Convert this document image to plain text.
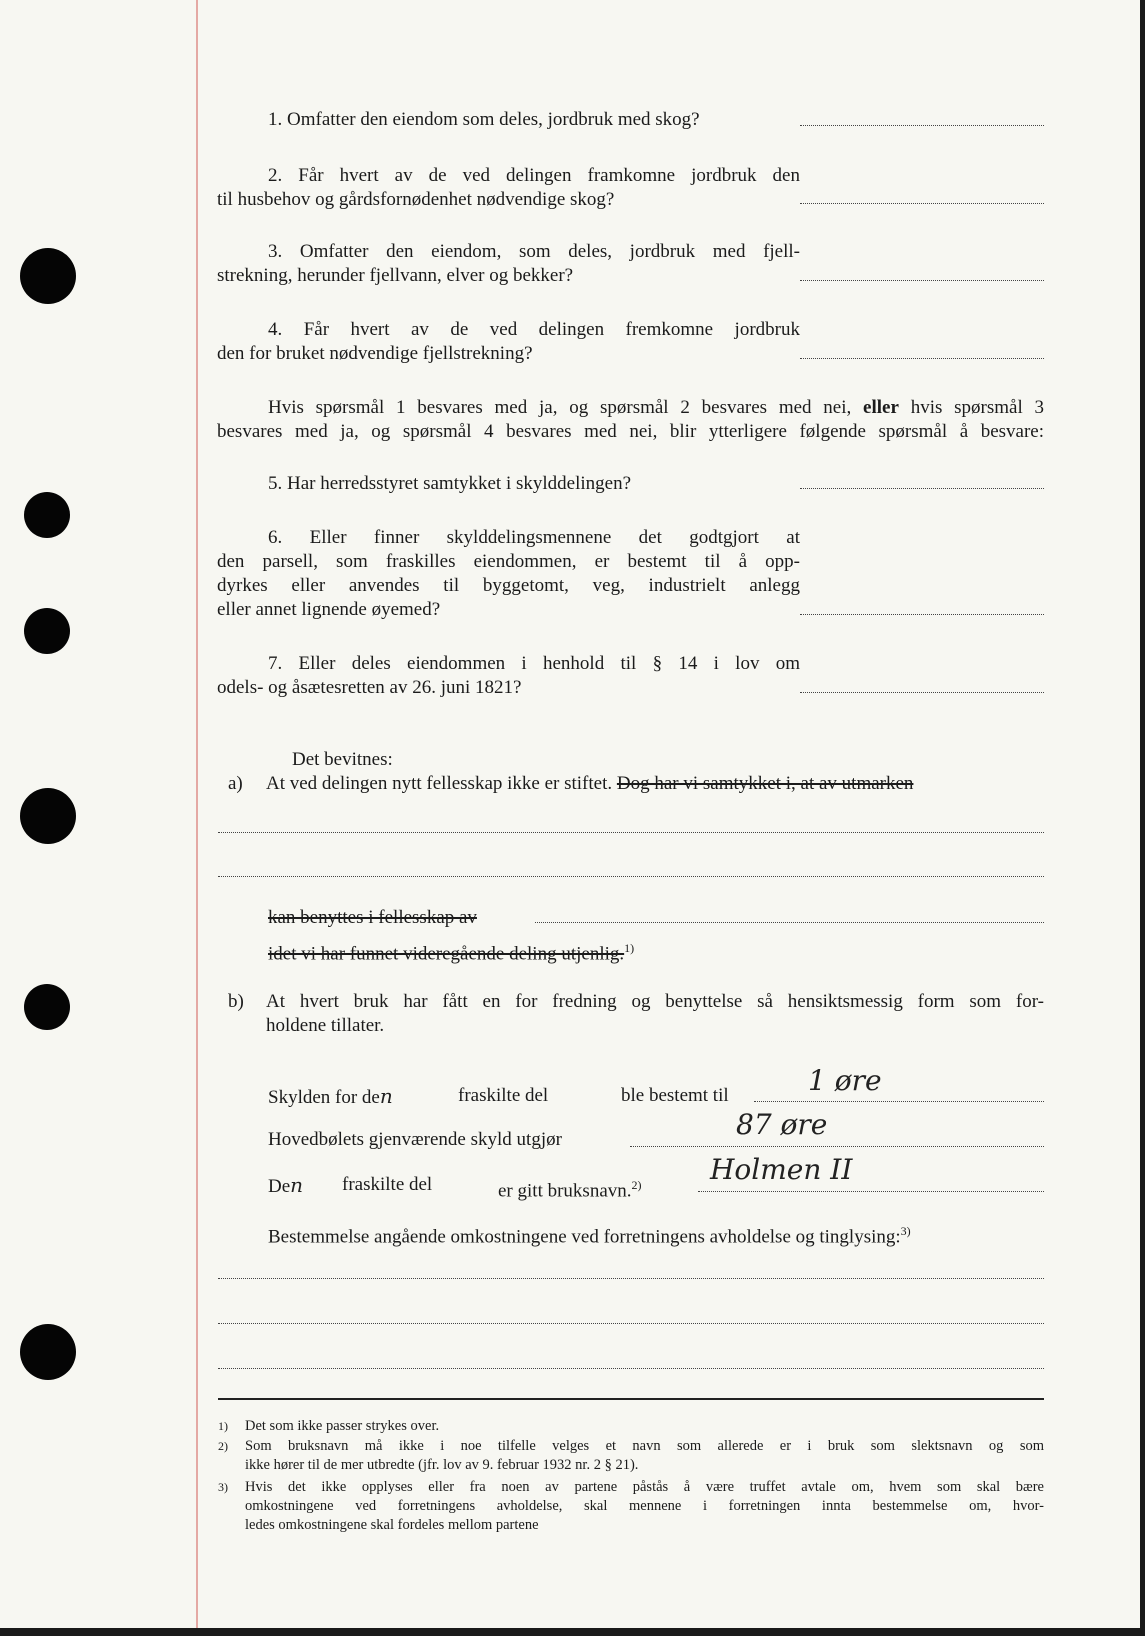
1. Omfatter den eiendom som deles, jordbruk med skog?
2. Får hvert av de ved delingen framkomne jordbruk den
til husbehov og gårdsfornødenhet nødvendige skog?
3. Omfatter den eiendom, som deles, jordbruk med fjell-
strekning, herunder fjellvann, elver og bekker?
4. Får hvert av de ved delingen fremkomne jordbruk
den for bruket nødvendige fjellstrekning?
Hvis spørsmål 1 besvares med ja, og spørsmål 2 besvares med nei, eller hvis spørsmål 3
besvares med ja, og spørsmål 4 besvares med nei, blir ytterligere følgende spørsmål å besvare:
5. Har herredsstyret samtykket i skylddelingen?
6. Eller finner skylddelingsmennene det godtgjort at
den parsell, som fraskilles eiendommen, er bestemt til å opp-
dyrkes eller anvendes til byggetomt, veg, industrielt anlegg
eller annet lignende øyemed?
7. Eller deles eiendommen i henhold til § 14 i lov om
odels- og åsætesretten av 26. juni 1821?
Det bevitnes:
a) At ved delingen nytt fellesskap ikke er stiftet. Dog har vi samtykket i, at av utmarken
kan benyttes i fellesskap av
idet vi har funnet videregående deling utjenlig.$^{1)}$
b) At hvert bruk har fått en for fredning og benyttelse så hensiktsmessig form som for-
holdene tillater.
Skylden for den	fraskilte del	ble bestemt til	1 øre
Hovedbølets gjenværende skyld utgjør	87 øre
Den fraskilte del	er gitt bruksnavn.$^{2)}$ Holmen II
Bestemmelse angående omkostningene ved forretningens avholdelse og tinglysing:$^{3)}$
1) Det som ikke passer strykes over.
2) Som bruksnavn må ikke i noe tilfelle velges et navn som allerede er i bruk som slektsnavn og som
ikke hører til de mer utbredte (jfr. lov av 9. februar 1932 nr. 2 § 21).
3) Hvis det ikke opplyses eller fra noen av partene påstås å være truffet avtale om, hvem som skal bære
omkostningene ved forretningens avholdelse, skal mennene i forretningen innta bestemmelse om, hvor-
ledes omkostningene skal fordeles mellom partene
